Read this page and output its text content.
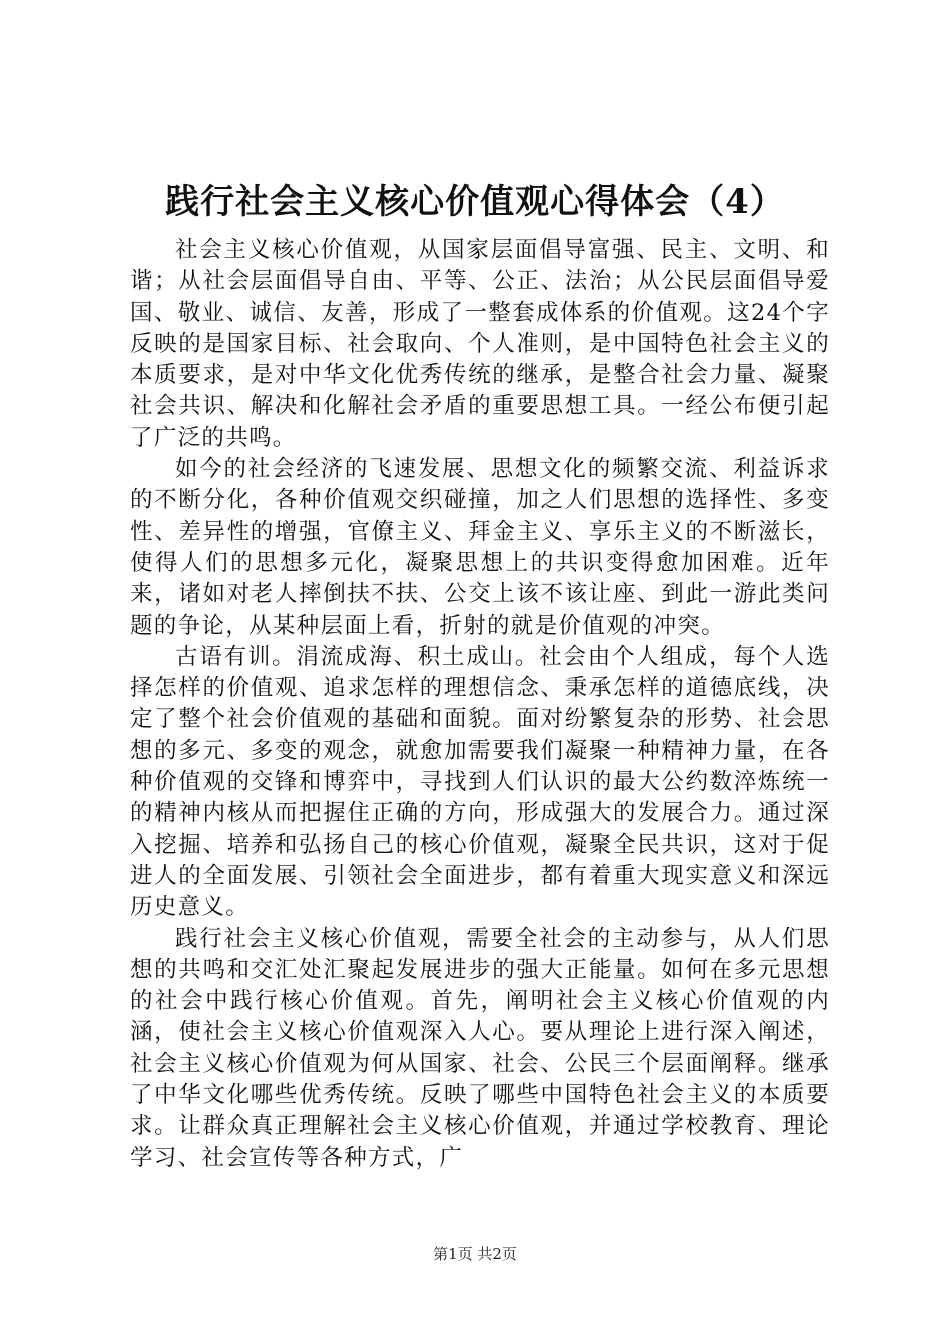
践行社会主义核心价值观心得体会（4）

社会主义核心价值观，从国家层面倡导富强、民主、文明、和谐；从社会层面倡导自由、平等、公正、法治；从公民层面倡导爱国、敬业、诚信、友善，形成了一整套成体系的价值观。这24个字反映的是国家目标、社会取向、个人准则，是中国特色社会主义的本质要求，是对中华文化优秀传统的继承，是整合社会力量、凝聚社会共识、解决和化解社会矛盾的重要思想工具。一经公布便引起了广泛的共鸣。

如今的社会经济的飞速发展、思想文化的频繁交流、利益诉求的不断分化，各种价值观交织碰撞，加之人们思想的选择性、多变性、差异性的增强，官僚主义、拜金主义、享乐主义的不断滋长，使得人们的思想多元化，凝聚思想上的共识变得愈加困难。近年来，诸如对老人摔倒扶不扶、公交上该不该让座、到此一游此类问题的争论，从某种层面上看，折射的就是价值观的冲突。

古语有训。涓流成海、积土成山。社会由个人组成，每个人选择怎样的价值观、追求怎样的理想信念、秉承怎样的道德底线，决定了整个社会价值观的基础和面貌。面对纷繁复杂的形势、社会思想的多元、多变的观念，就愈加需要我们凝聚一种精神力量，在各种价值观的交锋和博弈中，寻找到人们认识的最大公约数淬炼统一的精神内核从而把握住正确的方向，形成强大的发展合力。通过深入挖掘、培养和弘扬自己的核心价值观，凝聚全民共识，这对于促进人的全面发展、引领社会全面进步，都有着重大现实意义和深远历史意义。

践行社会主义核心价值观，需要全社会的主动参与，从人们思想的共鸣和交汇处汇聚起发展进步的强大正能量。如何在多元思想的社会中践行核心价值观。首先，阐明社会主义核心价值观的内涵，使社会主义核心价值观深入人心。要从理论上进行深入阐述，社会主义核心价值观为何从国家、社会、公民三个层面阐释。继承了中华文化哪些优秀传统。反映了哪些中国特色社会主义的本质要求。让群众真正理解社会主义核心价值观，并通过学校教育、理论学习、社会宣传等各种方式，广

第1页 共2页
